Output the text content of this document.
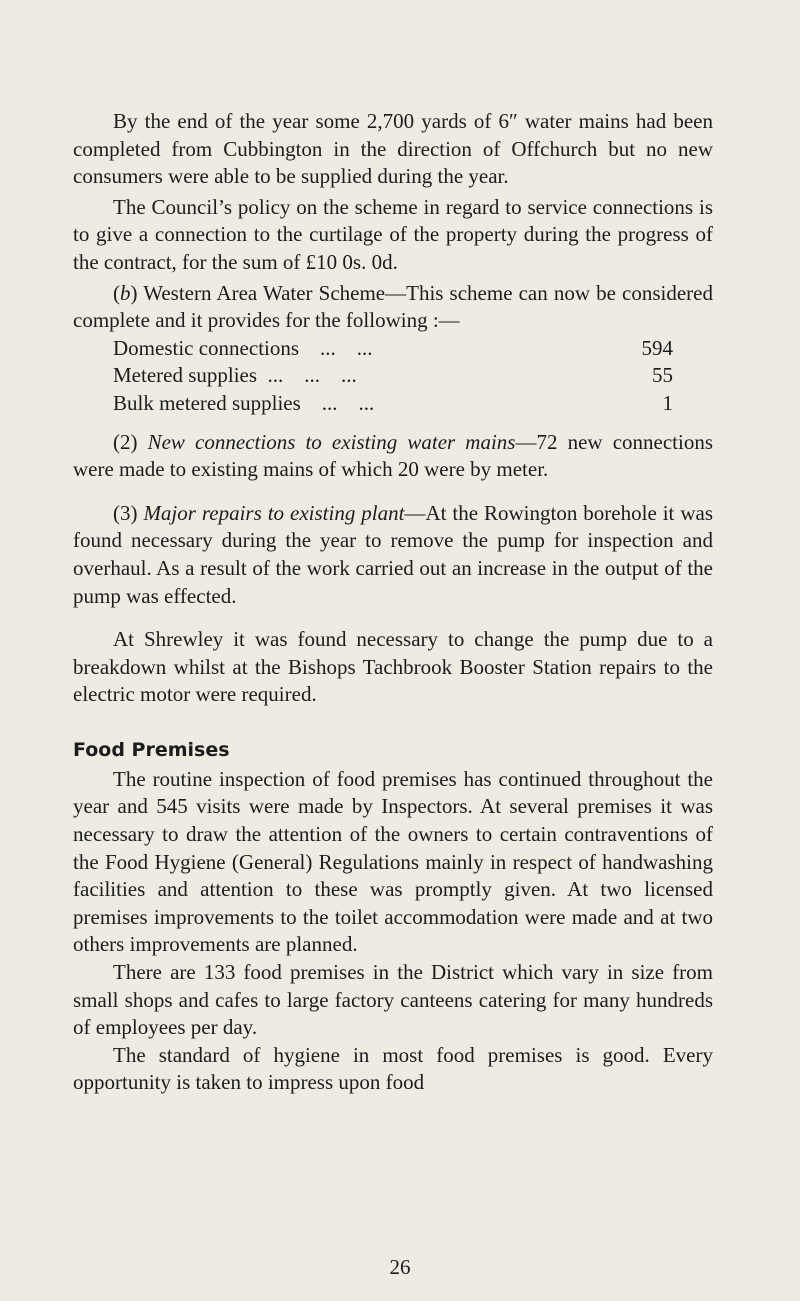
By the end of the year some 2,700 yards of 6″ water mains had been completed from Cubbington in the direction of Offchurch but no new consumers were able to be supplied during the year.

The Council’s policy on the scheme in regard to service connections is to give a connection to the curtilage of the property during the progress of the contract, for the sum of £10 0s. 0d.

(b) Western Area Water Scheme—This scheme can now be considered complete and it provides for the following :—

Domestic connections    ...    ...	594
Metered supplies  ...    ...    ...	55
Bulk metered supplies    ...    ...	1

(2) New connections to existing water mains—72 new connections were made to existing mains of which 20 were by meter.

(3) Major repairs to existing plant—At the Rowington borehole it was found necessary during the year to remove the pump for inspection and overhaul. As a result of the work carried out an increase in the output of the pump was effected.

At Shrewley it was found necessary to change the pump due to a breakdown whilst at the Bishops Tachbrook Booster Station repairs to the electric motor were required.

Food Premises

The routine inspection of food premises has continued throughout the year and 545 visits were made by Inspectors. At several premises it was necessary to draw the attention of the owners to certain contraventions of the Food Hygiene (General) Regulations mainly in respect of handwashing facilities and attention to these was promptly given. At two licensed premises improvements to the toilet accommodation were made and at two others improvements are planned.

There are 133 food premises in the District which vary in size from small shops and cafes to large factory canteens catering for many hundreds of employees per day.

The standard of hygiene in most food premises is good. Every opportunity is taken to impress upon food

26
